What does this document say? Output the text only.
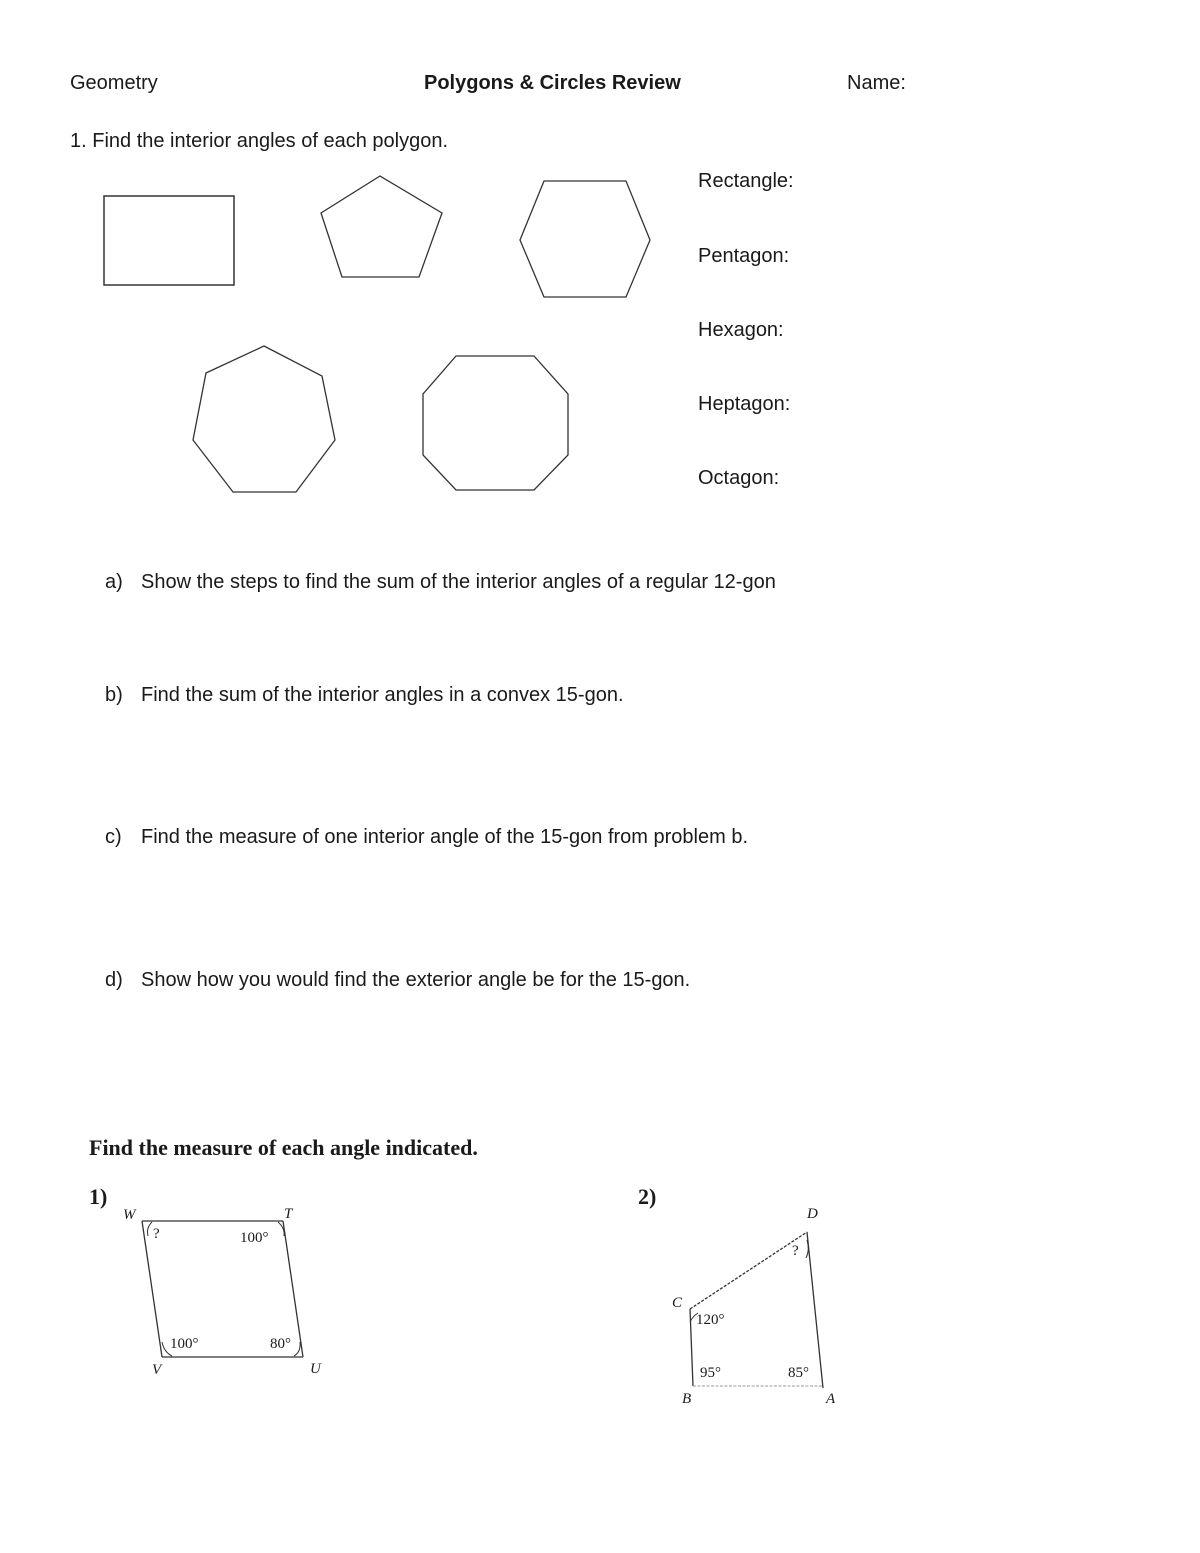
Geometry	Polygons & Circles Review	Name:
1. Find the interior angles of each polygon.
Rectangle:
Pentagon:
Hexagon:
Heptagon:
Octagon:
a) Show the steps to find the sum of the interior angles of a regular 12-gon
b) Find the sum of the interior angles in a convex 15-gon.
c) Find the measure of one interior angle of the 15-gon from problem b.
d) Show how you would find the exterior angle be for the 15-gon.
Find the measure of each angle indicated.
1)	2)
W	T
V	U
?	100°
100°	80°
C
D
B	A
?
120°
95°	85°
